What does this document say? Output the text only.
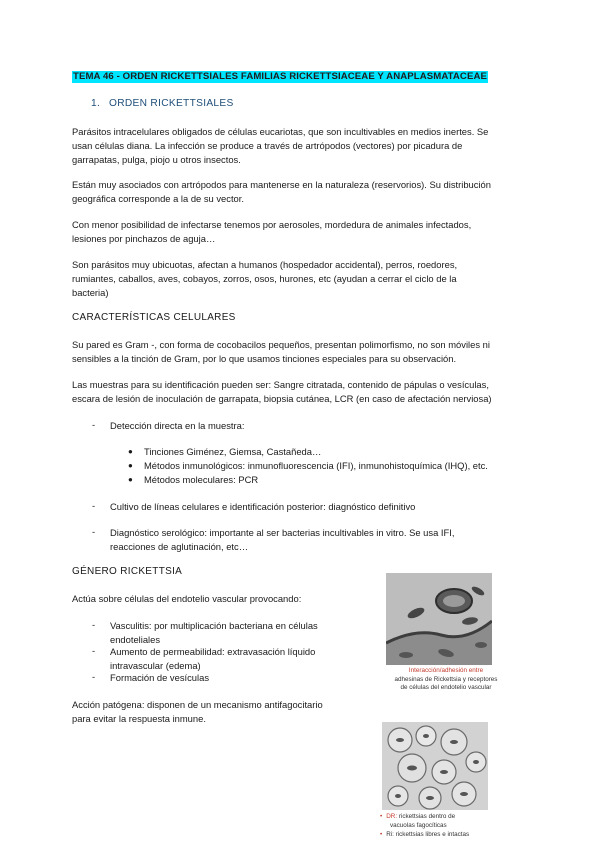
TEMA 46 - ORDEN RICKETTSIALES FAMILIAS RICKETTSIACEAE Y ANAPLASMATACEAE
1. ORDEN RICKETTSIALES
Parásitos intracelulares obligados de células eucariotas, que son incultivables en medios inertes. Se
usan células diana. La infección se produce a través de artrópodos (vectores) por picadura de
garrapatas, pulga, piojo u otros insectos.
Están muy asociados con artrópodos para mantenerse en la naturaleza (reservorios). Su distribución
geográfica corresponde a la de su vector.
Con menor posibilidad de infectarse tenemos por aerosoles, mordedura de animales infectados,
lesiones por pinchazos de aguja…
Son parásitos muy ubicuotas, afectan a humanos (hospedador accidental), perros, roedores,
rumiantes, caballos, aves, cobayos, zorros, osos, hurones, etc (ayudan a cerrar el ciclo de la
bacteria)
CARACTERÍSTICAS CELULARES
Su pared es Gram -, con forma de cocobacilos pequeños, presentan polimorfismo, no son móviles ni
sensibles a la tinción de Gram, por lo que usamos tinciones especiales para su observación.
Las muestras para su identificación pueden ser: Sangre citratada, contenido de pápulas o vesículas,
escara de lesión de inoculación de garrapata, biopsia cutánea, LCR (en caso de afectación nerviosa)
- Detección directa en la muestra:
● Tinciones Giménez, Giemsa, Castañeda…
● Métodos inmunológicos: inmunofluorescencia (IFI), inmunohistoquímica (IHQ), etc.
● Métodos moleculares: PCR
- Cultivo de líneas celulares e identificación posterior: diagnóstico definitivo
- Diagnóstico serológico: importante al ser bacterias incultivables in vitro. Se usa IFI,
reacciones de aglutinación, etc…
GÉNERO RICKETTSIA
Actúa sobre células del endotelio vascular provocando:
- Vasculitis: por multiplicación bacteriana en células
endoteliales
- Aumento de permeabilidad: extravasación líquido
intravascular (edema)
- Formación de vesículas
Acción patógena: disponen de un mecanismo antifagocitario
para evitar la respuesta inmune.
Interacción/adhesión entre
adhesinas de Rickettsia y receptores
de células del endotelio vascular
• DR: rickettsias dentro de
vacuolas fagocíticas
• Ri: rickettsias libres e intactas
